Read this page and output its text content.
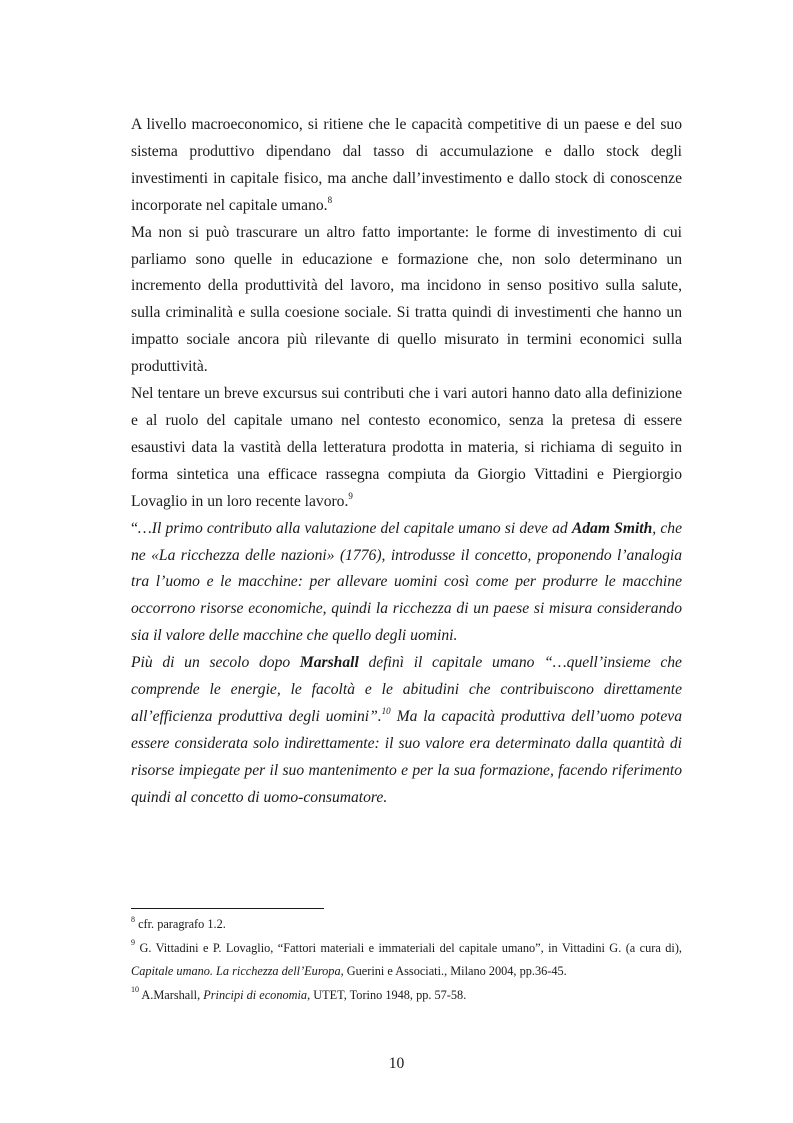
A livello macroeconomico, si ritiene che le capacità competitive di un paese e del suo sistema produttivo dipendano dal tasso di accumulazione e dallo stock degli investimenti in capitale fisico, ma anche dall’investimento e dallo stock di conoscenze incorporate nel capitale umano.$^8$

Ma non si può trascurare un altro fatto importante: le forme di investimento di cui parliamo sono quelle in educazione e formazione che, non solo determinano un incremento della produttività del lavoro, ma incidono in senso positivo sulla salute, sulla criminalità e sulla coesione sociale. Si tratta quindi di investimenti che hanno un impatto sociale ancora più rilevante di quello misurato in termini economici sulla produttività.

Nel tentare un breve excursus sui contributi che i vari autori hanno dato alla definizione e al ruolo del capitale umano nel contesto economico, senza la pretesa di essere esaustivi data la vastità della letteratura prodotta in materia, si richiama di seguito in forma sintetica una efficace rassegna compiuta da Giorgio Vittadini e Piergiorgio Lovaglio in un loro recente lavoro.$^9$

“…Il primo contributo alla valutazione del capitale umano si deve ad Adam Smith, che ne «La ricchezza delle nazioni» (1776), introdusse il concetto, proponendo l’analogia tra l’uomo e le macchine: per allevare uomini così come per produrre le macchine occorrono risorse economiche, quindi la ricchezza di un paese si misura considerando sia il valore delle macchine che quello degli uomini.

Più di un secolo dopo Marshall definì il capitale umano “…quell’insieme che comprende le energie, le facoltà e le abitudini che contribuiscono direttamente all’efficienza produttiva degli uomini”.$^{10}$ Ma la capacità produttiva dell’uomo poteva essere considerata solo indirettamente: il suo valore era determinato dalla quantità di risorse impiegate per il suo mantenimento e per la sua formazione, facendo riferimento quindi al concetto di uomo-consumatore.

$^8$ cfr. paragrafo 1.2.

$^9$ G. Vittadini e P. Lovaglio, “Fattori materiali e immateriali del capitale umano”, in Vittadini G. (a cura di), Capitale umano. La ricchezza dell’Europa, Guerini e Associati., Milano 2004, pp.36-45.

$^{10}$ A.Marshall, Principi di economia, UTET, Torino 1948, pp. 57-58.

10
